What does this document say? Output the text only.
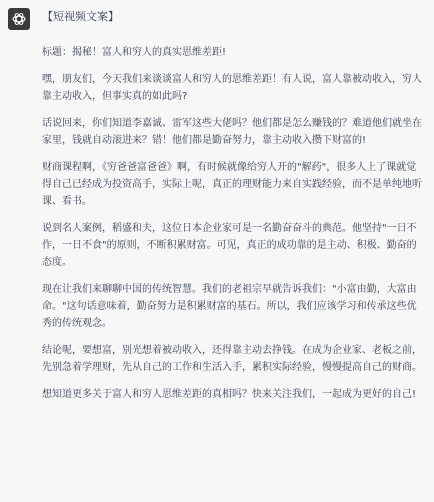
【短视频文案】

标题：揭秘！富人和穷人的真实思维差距!

嘿，朋友们，今天我们来谈谈富人和穷人的思维差距！有人说，富人靠被动收入，穷人靠主动收入，但事实真的如此吗?

话说回来，你们知道李嘉诚、雷军这些大佬吗？他们都是怎么赚钱的？难道他们就坐在家里，钱就自动滚进来？错！他们都是勤奋努力，靠主动收入攒下财富的!

财商课程啊，《穷爸爸富爸爸》啊，有时候就像给穷人开的"解药"，很多人上了课就觉得自己已经成为投资高手，实际上呢，真正的理财能力来自实践经验，而不是单纯地听课、看书。

说到名人案例，稻盛和夫，这位日本企业家可是一名勤奋奋斗的典范。他坚持"一日不作，一日不食"的原则，不断积累财富。可见，真正的成功靠的是主动、积极、勤奋的态度。

现在让我们来聊聊中国的传统智慧。我们的老祖宗早就告诉我们："小富由勤，大富由命。"这句话意味着，勤奋努力是积累财富的基石。所以，我们应该学习和传承这些优秀的传统观念。

结论呢，要想富，别光想着被动收入，还得靠主动去挣钱。在成为企业家、老板之前，先别急着学理财，先从自己的工作和生活入手，累积实际经验，慢慢提高自己的财商。

想知道更多关于富人和穷人思维差距的真相吗？快来关注我们，一起成为更好的自己!
